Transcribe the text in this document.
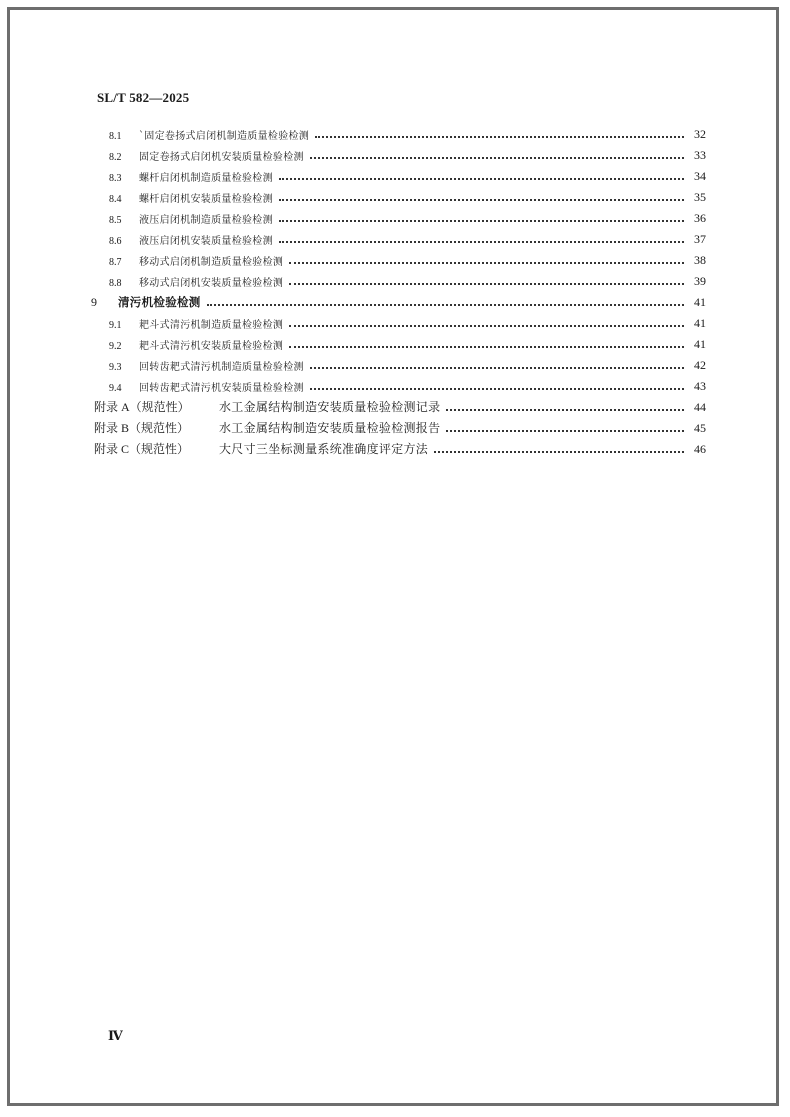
SL/T 582—2025
8.1	`固定卷扬式启闭机制造质量检验检测	32
8.2	固定卷扬式启闭机安装质量检验检测	33
8.3	螺杆启闭机制造质量检验检测	34
8.4	螺杆启闭机安装质量检验检测	35
8.5	液压启闭机制造质量检验检测	36
8.6	液压启闭机安装质量检验检测	37
8.7	移动式启闭机制造质量检验检测	38
8.8	移动式启闭机安装质量检验检测	39
9	清污机检验检测	41
9.1	耙斗式清污机制造质量检验检测	41
9.2	耙斗式清污机安装质量检验检测	41
9.3	回转齿耙式清污机制造质量检验检测	42
9.4	回转齿耙式清污机安装质量检验检测	43
附录 A（规范性）	水工金属结构制造安装质量检验检测记录	44
附录 B（规范性）	水工金属结构制造安装质量检验检测报告	45
附录 C（规范性）	大尺寸三坐标测量系统准确度评定方法	46
Ⅳ
